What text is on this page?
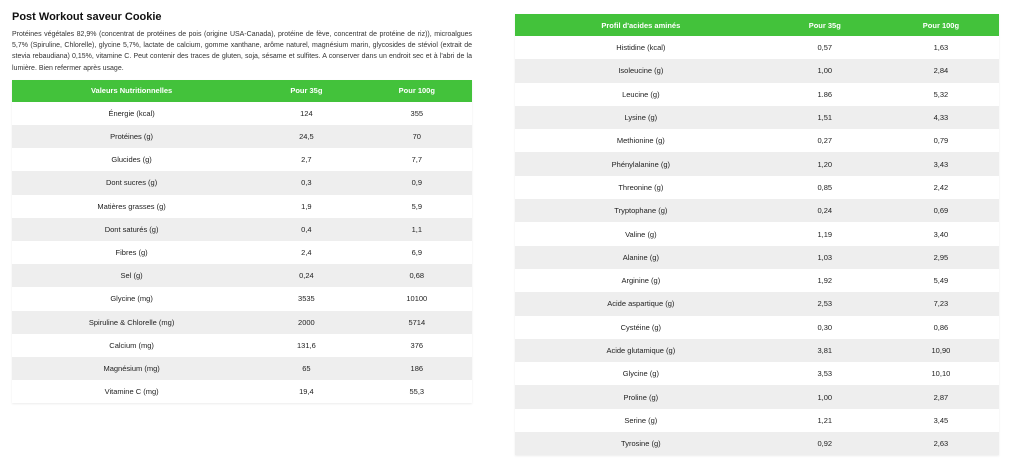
Post Workout saveur Cookie

Protéines végétales 82,9% (concentrat de protéines de pois (origine USA-Canada), protéine de fève, concentrat de protéine de riz)), microalgues 5,7% (Spiruline, Chlorelle), glycine 5,7%, lactate de calcium, gomme xanthane, arôme naturel, magnésium marin, glycosides de stéviol (extrait de stevia rebaudiana) 0,15%, vitamine C. Peut contenir des traces de gluten, soja, sésame et sulfites. A conserver dans un endroit sec et à l'abri de la lumière. Bien refermer après usage.

Valeurs Nutritionnelles	Pour 35g	Pour 100g
Énergie (kcal)	124	355
Protéines (g)	24,5	70
Glucides (g)	2,7	7,7
Dont sucres (g)	0,3	0,9
Matières grasses (g)	1,9	5,9
Dont saturés (g)	0,4	1,1
Fibres (g)	2,4	6,9
Sel (g)	0,24	0,68
Glycine (mg)	3535	10100
Spiruline & Chlorelle (mg)	2000	5714
Calcium (mg)	131,6	376
Magnésium (mg)	65	186
Vitamine C (mg)	19,4	55,3
Profil d'acides aminés	Pour 35g	Pour 100g
Histidine (kcal)	0,57	1,63
Isoleucine (g)	1,00	2,84
Leucine (g)	1.86	5,32
Lysine (g)	1,51	4,33
Methionine (g)	0,27	0,79
Phénylalanine (g)	1,20	3,43
Threonine (g)	0,85	2,42
Tryptophane (g)	0,24	0,69
Valine (g)	1,19	3,40
Alanine (g)	1,03	2,95
Arginine (g)	1,92	5,49
Acide aspartique (g)	2,53	7,23
Cystéine (g)	0,30	0,86
Acide glutamique (g)	3,81	10,90
Glycine (g)	3,53	10,10
Proline (g)	1,00	2,87
Serine (g)	1,21	3,45
Tyrosine (g)	0,92	2,63
